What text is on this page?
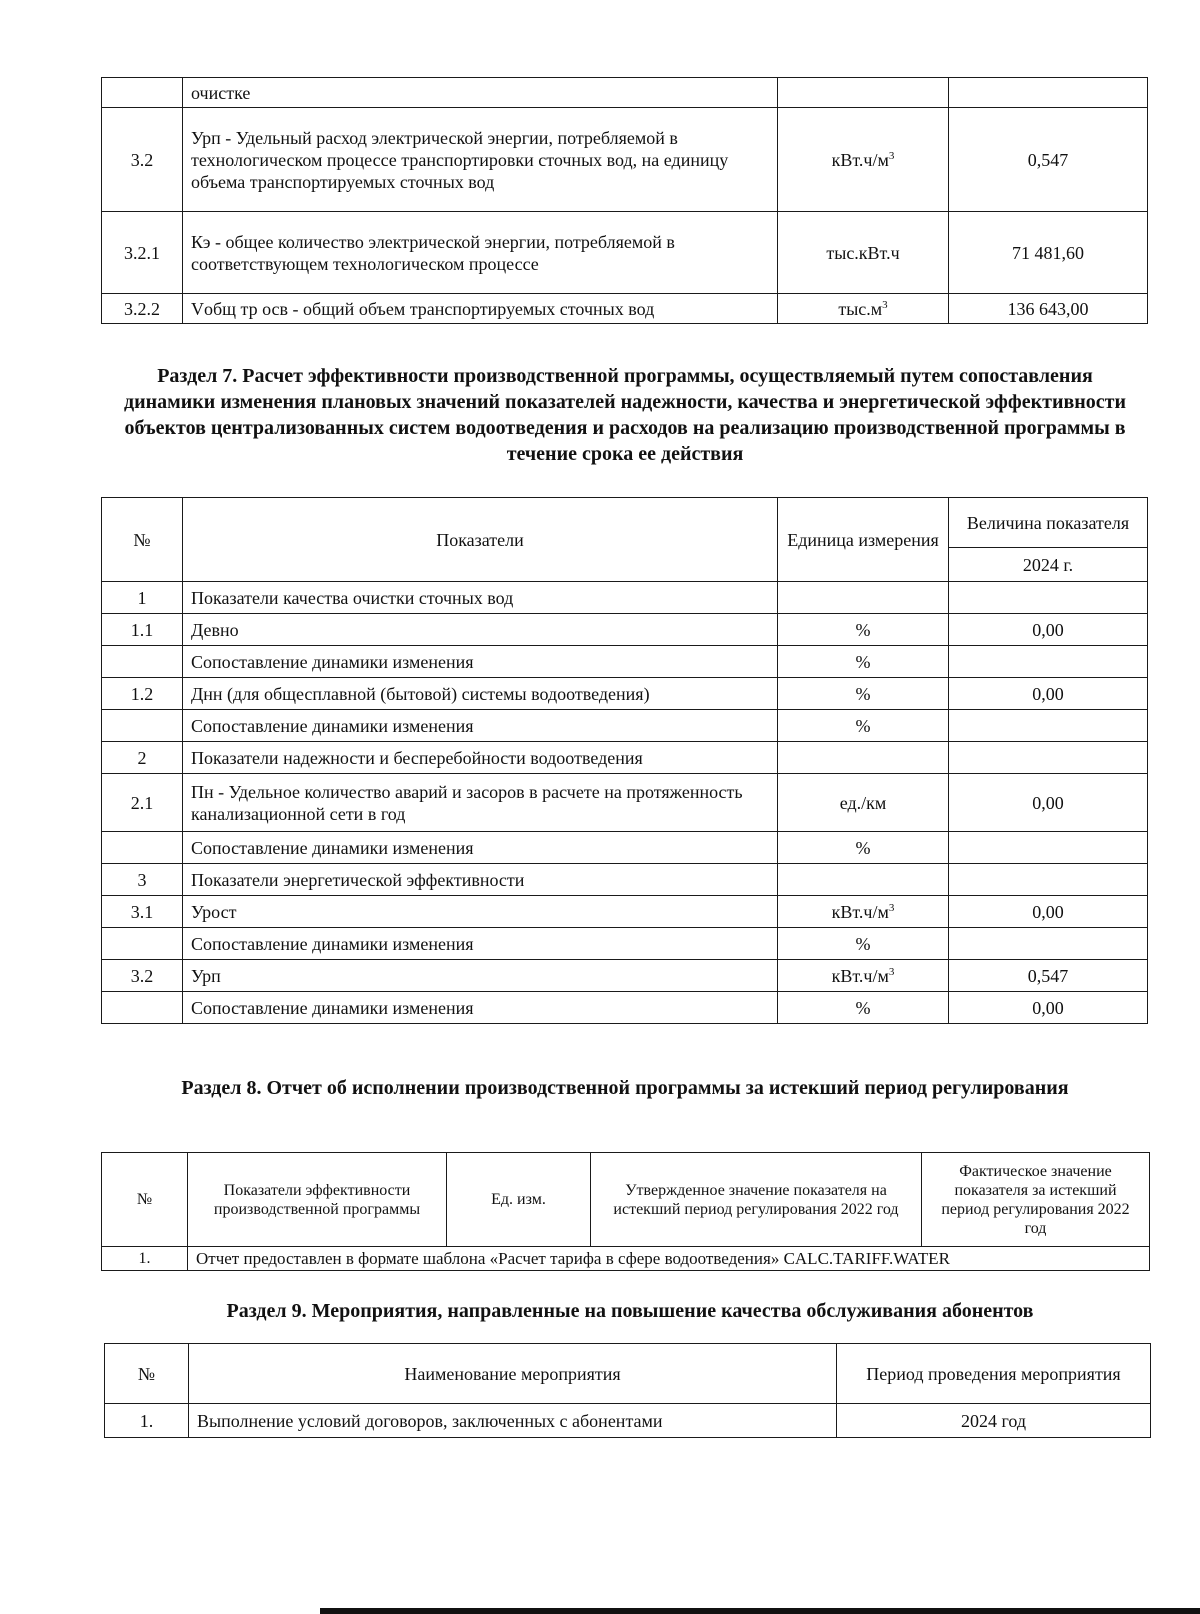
	очистке		
3.2	Урп - Удельный расход электрической энергии, потребляемой в технологическом процессе транспортировки сточных вод, на единицу объема транспортируемых сточных вод	$кВт.ч/м^3$	0,547
3.2.1	Кэ - общее количество электрической энергии, потребляемой в соответствующем технологическом процессе	тыс.кВт.ч	71 481,60
3.2.2	Vобщ тр осв - общий объем транспортируемых сточных вод	$тыс.м^3$	136 643,00
Раздел 7. Расчет эффективности производственной программы, осуществляемый путем сопоставления динамики изменения плановых значений показателей надежности, качества и энергетической эффективности объектов централизованных систем водоотведения и расходов на реализацию производственной программы в течение срока ее действия
№	Показатели	Единица измерения	Величина показателя
			2024 г.
1	Показатели качества очистки сточных вод		
1.1	Девно	%	0,00
	Сопоставление динамики изменения	%	
1.2	Днн (для общесплавной (бытовой) системы водоотведения)	%	0,00
	Сопоставление динамики изменения	%	
2	Показатели надежности и бесперебойности водоотведения		
2.1	Пн - Удельное количество аварий и засоров в расчете на протяженность канализационной сети в год	ед./км	0,00
	Сопоставление динамики изменения	%	
3	Показатели энергетической эффективности		
3.1	Урост	$кВт.ч/м^3$	0,00
	Сопоставление динамики изменения	%	
3.2	Урп	$кВт.ч/м^3$	0,547
	Сопоставление динамики изменения	%	0,00
Раздел 8. Отчет об исполнении производственной программы за истекший период регулирования
№	Показатели эффективности производственной программы	Ед. изм.	Утвержденное значение показателя на истекший период регулирования 2022 год	Фактическое значение показателя за истекший период регулирования 2022 год
1.	Отчет предоставлен в формате шаблона «Расчет тарифа в сфере водоотведения» CALC.TARIFF.WATER			
Раздел 9. Мероприятия, направленные на повышение качества обслуживания абонентов
№	Наименование мероприятия	Период проведения мероприятия
1.	Выполнение условий договоров, заключенных с абонентами	2024 год
